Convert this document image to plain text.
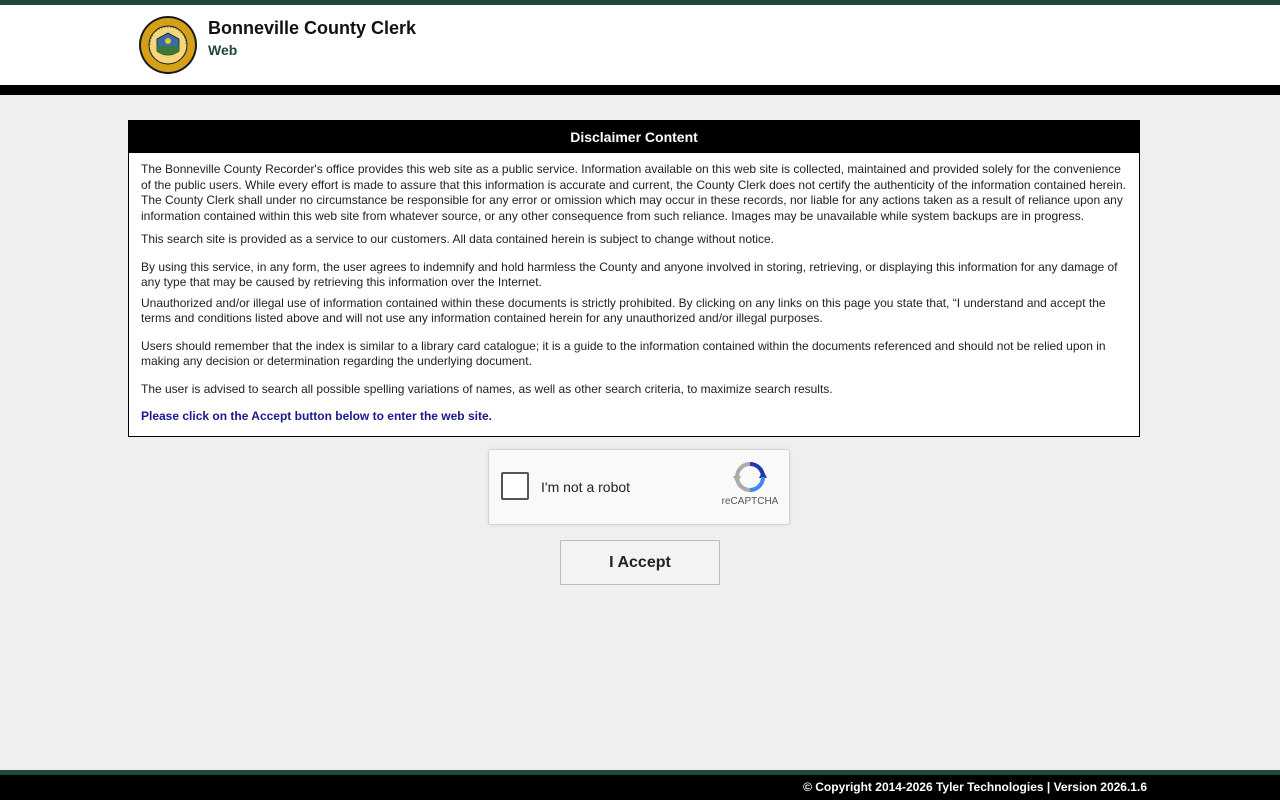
Bonneville County Clerk
Web
Disclaimer Content

The Bonneville County Recorder's office provides this web site as a public service. Information available on this web site is collected, maintained and provided solely for the convenience of the public users. While every effort is made to assure that this information is accurate and current, the County Clerk does not certify the authenticity of the information contained herein. The County Clerk shall under no circumstance be responsible for any error or omission which may occur in these records, nor liable for any actions taken as a result of reliance upon any information contained within this web site from whatever source, or any other consequence from such reliance. Images may be unavailable while system backups are in progress.

This search site is provided as a service to our customers. All data contained herein is subject to change without notice.

By using this service, in any form, the user agrees to indemnify and hold harmless the County and anyone involved in storing, retrieving, or displaying this information for any damage of any type that may be caused by retrieving this information over the Internet.

Unauthorized and/or illegal use of information contained within these documents is strictly prohibited. By clicking on any links on this page you state that, “I understand and accept the terms and conditions listed above and will not use any information contained herein for any unauthorized and/or illegal purposes.

Users should remember that the index is similar to a library card catalogue; it is a guide to the information contained within the documents referenced and should not be relied upon in making any decision or determination regarding the underlying document.

The user is advised to search all possible spelling variations of names, as well as other search criteria, to maximize search results.

Please click on the Accept button below to enter the web site.

I'm not a robot
reCAPTCHA
I Accept
© Copyright 2014-2026 Tyler Technologies | Version 2026.1.6
